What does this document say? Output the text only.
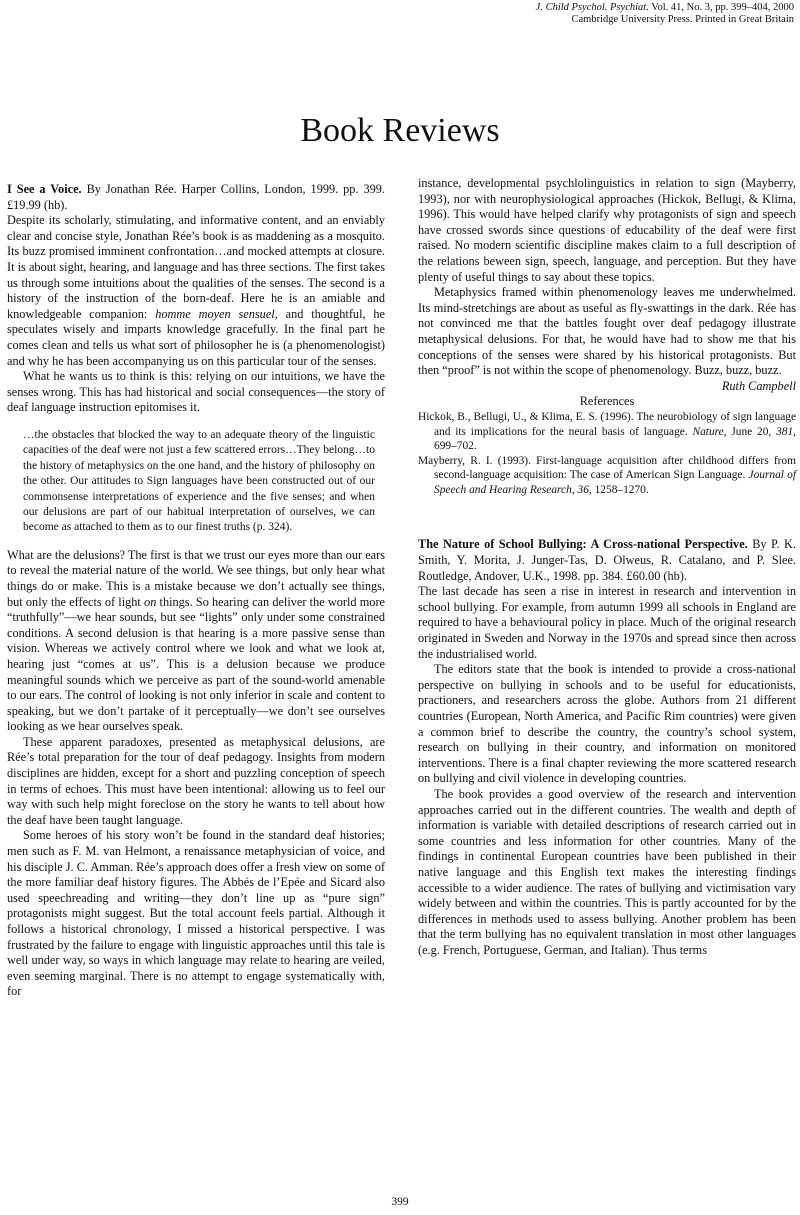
J. Child Psychol. Psychiat. Vol. 41, No. 3, pp. 399–404, 2000
Cambridge University Press. Printed in Great Britain
Book Reviews

I See a Voice. By Jonathan Rée. Harper Collins, London, 1999. pp. 399. £19.99 (hb).

Despite its scholarly, stimulating, and informative content, and an enviably clear and concise style, Jonathan Rée’s book is as maddening as a mosquito. Its buzz promised imminent confrontation…and mocked attempts at closure. It is about sight, hearing, and language and has three sections. The first takes us through some intuitions about the qualities of the senses. The second is a history of the instruction of the born-deaf. Here he is an amiable and knowledgeable companion: homme moyen sensuel, and thoughtful, he speculates wisely and imparts knowledge gracefully. In the final part he comes clean and tells us what sort of philosopher he is (a phenomenologist) and why he has been accompanying us on this particular tour of the senses.

What he wants us to think is this: relying on our intuitions, we have the senses wrong. This has had historical and social consequences—the story of deaf language instruction epitomises it.

…the obstacles that blocked the way to an adequate theory of the linguistic capacities of the deaf were not just a few scattered errors…They belong…to the history of metaphysics on the one hand, and the history of philosophy on the other. Our attitudes to Sign languages have been constructed out of our commonsense interpretations of experience and the five senses; and when our delusions are part of our habitual interpretation of ourselves, we can become as attached to them as to our finest truths (p. 324).

What are the delusions? The first is that we trust our eyes more than our ears to reveal the material nature of the world. We see things, but only hear what things do or make. This is a mistake because we don’t actually see things, but only the effects of light on things. So hearing can deliver the world more “truthfully”—we hear sounds, but see “lights” only under some constrained conditions. A second delusion is that hearing is a more passive sense than vision. Whereas we actively control where we look and what we look at, hearing just “comes at us”. This is a delusion because we produce meaningful sounds which we perceive as part of the sound-world amenable to our ears. The control of looking is not only inferior in scale and content to speaking, but we don’t partake of it perceptually—we don’t see ourselves looking as we hear ourselves speak.

These apparent paradoxes, presented as metaphysical delusions, are Rée’s total preparation for the tour of deaf pedagogy. Insights from modern disciplines are hidden, except for a short and puzzling conception of speech in terms of echoes. This must have been intentional: allowing us to feel our way with such help might foreclose on the story he wants to tell about how the deaf have been taught language.

Some heroes of his story won’t be found in the standard deaf histories; men such as F. M. van Helmont, a renaissance metaphysician of voice, and his disciple J. C. Amman. Rée’s approach does offer a fresh view on some of the more familiar deaf history figures. The Abbés de l’Epée and Sicard also used speechreading and writing—they don’t line up as “pure sign” protagonists might suggest. But the total account feels partial. Although it follows a historical chronology, I missed a historical perspective. I was frustrated by the failure to engage with linguistic approaches until this tale is well under way, so ways in which language may relate to hearing are veiled, even seeming marginal. There is no attempt to engage systematically with, for

instance, developmental psychlolinguistics in relation to sign (Mayberry, 1993), nor with neurophysiological approaches (Hickok, Bellugi, & Klima, 1996). This would have helped clarify why protagonists of sign and speech have crossed swords since questions of educability of the deaf were first raised. No modern scientific discipline makes claim to a full description of the relations beween sign, speech, language, and perception. But they have plenty of useful things to say about these topics.

Metaphysics framed within phenomenology leaves me underwhelmed. Its mind-stretchings are about as useful as fly-swattings in the dark. Rée has not convinced me that the battles fought over deaf pedagogy illustrate metaphysical delusions. For that, he would have had to show me that his conceptions of the senses were shared by his historical protagonists. But then “proof” is not within the scope of phenomenology. Buzz, buzz, buzz.

Ruth Campbell

References

Hickok, B., Bellugi, U., & Klima, E. S. (1996). The neurobiology of sign language and its implications for the neural basis of language. Nature, June 20, 381, 699–702.

Mayberry, R. I. (1993). First-language acquisition after childhood differs from second-language acquisition: The case of American Sign Language. Journal of Speech and Hearing Research, 36, 1258–1270.

The Nature of School Bullying: A Cross-national Perspective. By P. K. Smith, Y. Morita, J. Junger-Tas, D. Olweus, R. Catalano, and P. Slee. Routledge, Andover, U.K., 1998. pp. 384. £60.00 (hb).

The last decade has seen a rise in interest in research and intervention in school bullying. For example, from autumn 1999 all schools in England are required to have a behavioural policy in place. Much of the original research originated in Sweden and Norway in the 1970s and spread since then across the industrialised world.

The editors state that the book is intended to provide a cross-national perspective on bullying in schools and to be useful for educationists, practioners, and researchers across the globe. Authors from 21 different countries (European, North America, and Pacific Rim countries) were given a common brief to describe the country, the country’s school system, research on bullying in their country, and information on monitored interventions. There is a final chapter reviewing the more scattered research on bullying and civil violence in developing countries.

The book provides a good overview of the research and intervention approaches carried out in the different countries. The wealth and depth of information is variable with detailed descriptions of research carried out in some countries and less information for other countries. Many of the findings in continental European countries have been published in their native language and this English text makes the interesting findings accessible to a wider audience. The rates of bullying and victimisation vary widely between and within the countries. This is partly accounted for by the differences in methods used to assess bullying. Another problem has been that the term bullying has no equivalent translation in most other languages (e.g. French, Portuguese, German, and Italian). Thus terms

399
